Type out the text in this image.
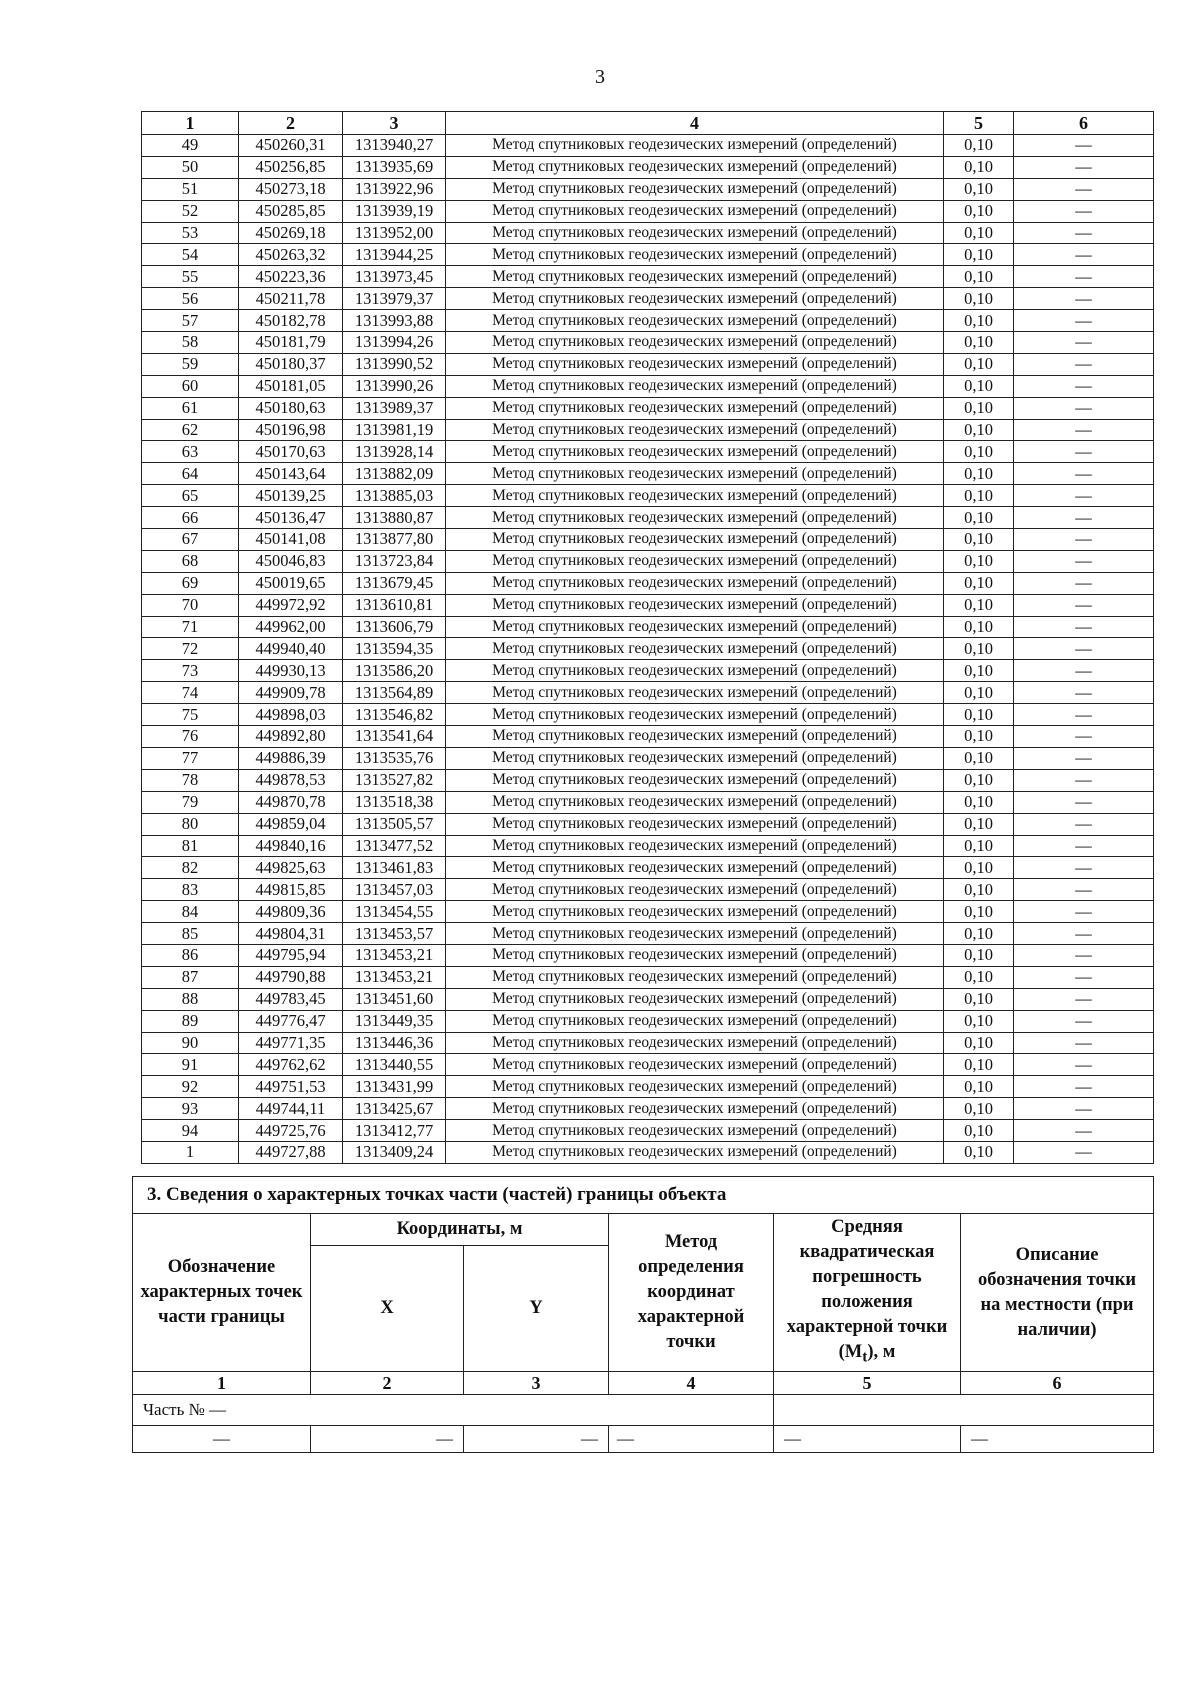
3
1	2	3	4	5	6
49	450260,31	1313940,27	Метод спутниковых геодезических измерений (определений)	0,10	—
50	450256,85	1313935,69	Метод спутниковых геодезических измерений (определений)	0,10	—
51	450273,18	1313922,96	Метод спутниковых геодезических измерений (определений)	0,10	—
52	450285,85	1313939,19	Метод спутниковых геодезических измерений (определений)	0,10	—
53	450269,18	1313952,00	Метод спутниковых геодезических измерений (определений)	0,10	—
54	450263,32	1313944,25	Метод спутниковых геодезических измерений (определений)	0,10	—
55	450223,36	1313973,45	Метод спутниковых геодезических измерений (определений)	0,10	—
56	450211,78	1313979,37	Метод спутниковых геодезических измерений (определений)	0,10	—
57	450182,78	1313993,88	Метод спутниковых геодезических измерений (определений)	0,10	—
58	450181,79	1313994,26	Метод спутниковых геодезических измерений (определений)	0,10	—
59	450180,37	1313990,52	Метод спутниковых геодезических измерений (определений)	0,10	—
60	450181,05	1313990,26	Метод спутниковых геодезических измерений (определений)	0,10	—
61	450180,63	1313989,37	Метод спутниковых геодезических измерений (определений)	0,10	—
62	450196,98	1313981,19	Метод спутниковых геодезических измерений (определений)	0,10	—
63	450170,63	1313928,14	Метод спутниковых геодезических измерений (определений)	0,10	—
64	450143,64	1313882,09	Метод спутниковых геодезических измерений (определений)	0,10	—
65	450139,25	1313885,03	Метод спутниковых геодезических измерений (определений)	0,10	—
66	450136,47	1313880,87	Метод спутниковых геодезических измерений (определений)	0,10	—
67	450141,08	1313877,80	Метод спутниковых геодезических измерений (определений)	0,10	—
68	450046,83	1313723,84	Метод спутниковых геодезических измерений (определений)	0,10	—
69	450019,65	1313679,45	Метод спутниковых геодезических измерений (определений)	0,10	—
70	449972,92	1313610,81	Метод спутниковых геодезических измерений (определений)	0,10	—
71	449962,00	1313606,79	Метод спутниковых геодезических измерений (определений)	0,10	—
72	449940,40	1313594,35	Метод спутниковых геодезических измерений (определений)	0,10	—
73	449930,13	1313586,20	Метод спутниковых геодезических измерений (определений)	0,10	—
74	449909,78	1313564,89	Метод спутниковых геодезических измерений (определений)	0,10	—
75	449898,03	1313546,82	Метод спутниковых геодезических измерений (определений)	0,10	—
76	449892,80	1313541,64	Метод спутниковых геодезических измерений (определений)	0,10	—
77	449886,39	1313535,76	Метод спутниковых геодезических измерений (определений)	0,10	—
78	449878,53	1313527,82	Метод спутниковых геодезических измерений (определений)	0,10	—
79	449870,78	1313518,38	Метод спутниковых геодезических измерений (определений)	0,10	—
80	449859,04	1313505,57	Метод спутниковых геодезических измерений (определений)	0,10	—
81	449840,16	1313477,52	Метод спутниковых геодезических измерений (определений)	0,10	—
82	449825,63	1313461,83	Метод спутниковых геодезических измерений (определений)	0,10	—
83	449815,85	1313457,03	Метод спутниковых геодезических измерений (определений)	0,10	—
84	449809,36	1313454,55	Метод спутниковых геодезических измерений (определений)	0,10	—
85	449804,31	1313453,57	Метод спутниковых геодезических измерений (определений)	0,10	—
86	449795,94	1313453,21	Метод спутниковых геодезических измерений (определений)	0,10	—
87	449790,88	1313453,21	Метод спутниковых геодезических измерений (определений)	0,10	—
88	449783,45	1313451,60	Метод спутниковых геодезических измерений (определений)	0,10	—
89	449776,47	1313449,35	Метод спутниковых геодезических измерений (определений)	0,10	—
90	449771,35	1313446,36	Метод спутниковых геодезических измерений (определений)	0,10	—
91	449762,62	1313440,55	Метод спутниковых геодезических измерений (определений)	0,10	—
92	449751,53	1313431,99	Метод спутниковых геодезических измерений (определений)	0,10	—
93	449744,11	1313425,67	Метод спутниковых геодезических измерений (определений)	0,10	—
94	449725,76	1313412,77	Метод спутниковых геодезических измерений (определений)	0,10	—
1	449727,88	1313409,24	Метод спутниковых геодезических измерений (определений)	0,10	—
3. Сведения о характерных точках части (частей) границы объекта					
Обозначение характерных точек части границы	Координаты, м		Метод определения координат характерной точки	Средняя квадратическая погрешность положения характерной точки $(M_t)$, м	Описание обозначения точки на местности (при наличии)
	X	Y			
1	2	3	4	5	6
Часть № —					
—	—	—	—	—	—
